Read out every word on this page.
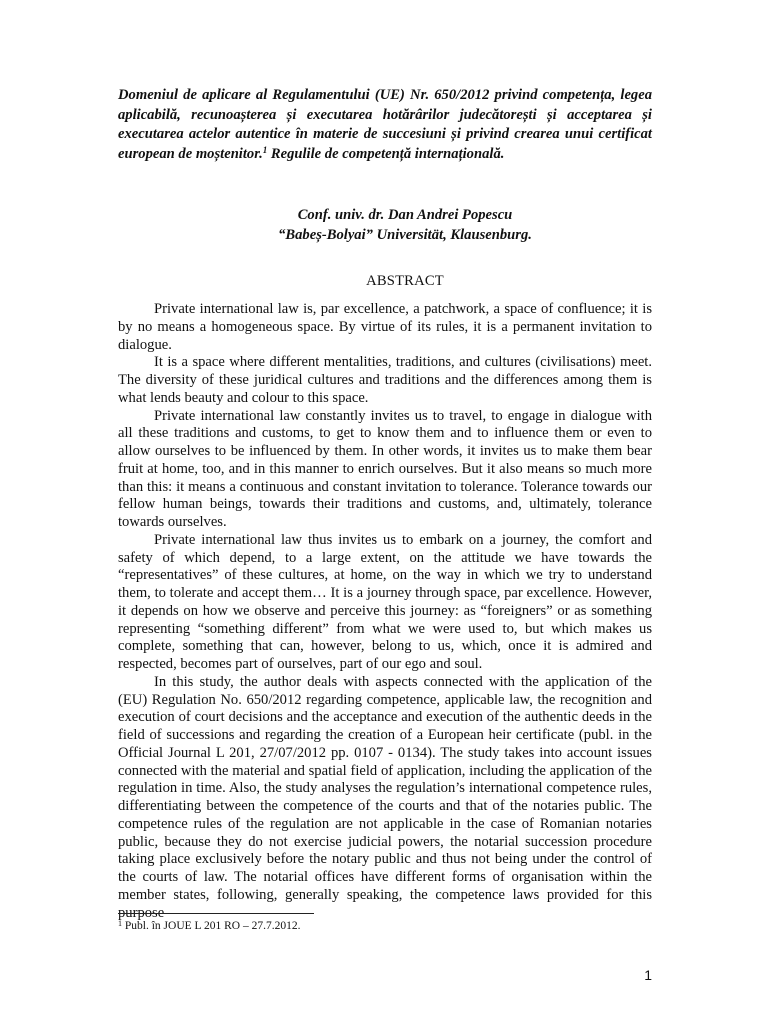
Domeniul de aplicare al Regulamentului (UE) Nr. 650/2012 privind competența, legea aplicabilă, recunoașterea și executarea hotărârilor judecătorești și acceptarea și executarea actelor autentice în materie de succesiuni și privind crearea unui certificat european de moștenitor.$^1$ Regulile de competență internațională.

Conf. univ. dr. Dan Andrei Popescu
“Babeș-Bolyai” Universität, Klausenburg.

ABSTRACT

Private international law is, par excellence, a patchwork, a space of confluence; it is by no means a homogeneous space. By virtue of its rules, it is a permanent invitation to dialogue.

It is a space where different mentalities, traditions, and cultures (civilisations) meet. The diversity of these juridical cultures and traditions and the differences among them is what lends beauty and colour to this space.

Private international law constantly invites us to travel, to engage in dialogue with all these traditions and customs, to get to know them and to influence them or even to allow ourselves to be influenced by them. In other words, it invites us to make them bear fruit at home, too, and in this manner to enrich ourselves. But it also means so much more than this: it means a continuous and constant invitation to tolerance. Tolerance towards our fellow human beings, towards their traditions and customs, and, ultimately, tolerance towards ourselves.

Private international law thus invites us to embark on a journey, the comfort and safety of which depend, to a large extent, on the attitude we have towards the “representatives” of these cultures, at home, on the way in which we try to understand them, to tolerate and accept them… It is a journey through space, par excellence. However, it depends on how we observe and perceive this journey: as “foreigners” or as something representing “something different” from what we were used to, but which makes us complete, something that can, however, belong to us, which, once it is admired and respected, becomes part of ourselves, part of our ego and soul.

In this study, the author deals with aspects connected with the application of the (EU) Regulation No. 650/2012 regarding competence, applicable law, the recognition and execution of court decisions and the acceptance and execution of the authentic deeds in the field of successions and regarding the creation of a European heir certificate (publ. in the Official Journal L 201, 27/07/2012 pp. 0107 - 0134). The study takes into account issues connected with the material and spatial field of application, including the application of the regulation in time. Also, the study analyses the regulation’s international competence rules, differentiating between the competence of the courts and that of the notaries public. The competence rules of the regulation are not applicable in the case of Romanian notaries public, because they do not exercise judicial powers, the notarial succession procedure taking place exclusively before the notary public and thus not being under the control of the courts of law. The notarial offices have different forms of organisation within the member states, following, generally speaking, the competence laws provided for this purpose

$^1$ Publ. în JOUE L 201 RO – 27.7.2012.

1
